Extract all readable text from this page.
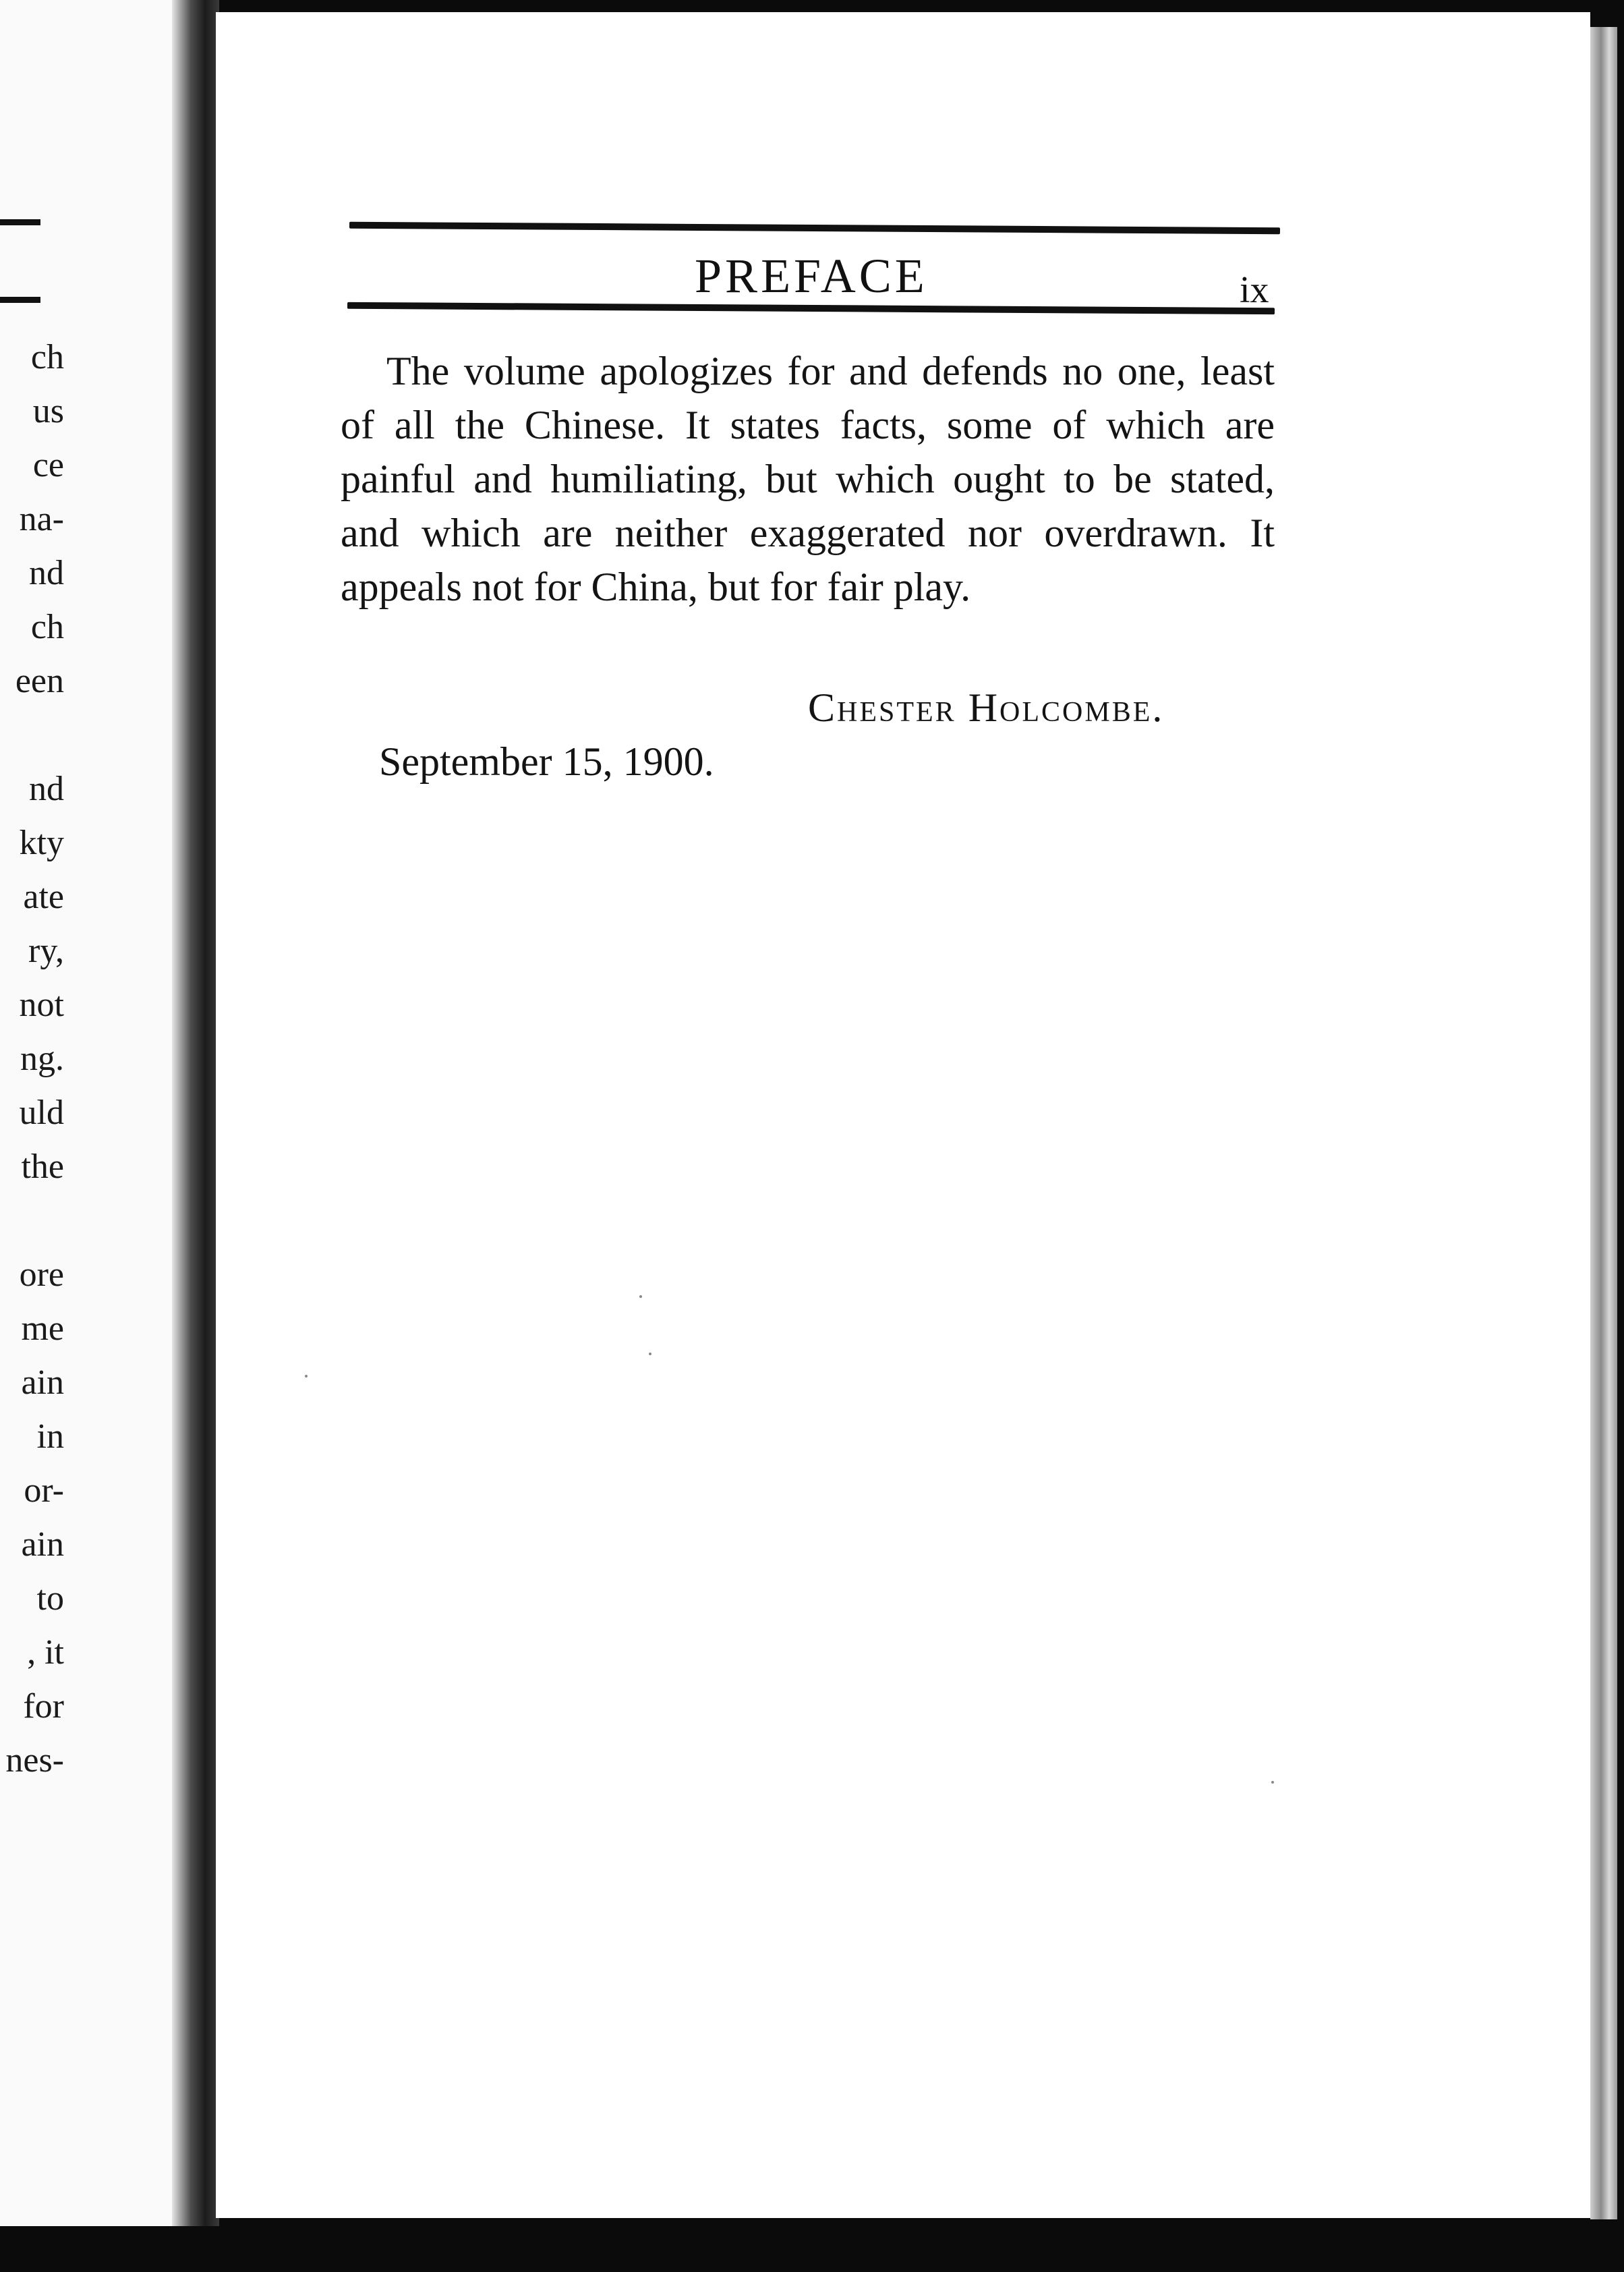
ch
us
ce
na-
nd
ch
een
nd
kty
ate
ry,
not
ng.
uld
the
ore
me
ain
in
or-
ain
to
, it
for
nes-
PREFACE	ix

The volume apologizes for and defends no one, least of all the Chinese. It states facts, some of which are painful and humiliating, but which ought to be stated, and which are neither exaggerated nor overdrawn. It appeals not for China, but for fair play.

Chester Holcombe.
September 15, 1900.
